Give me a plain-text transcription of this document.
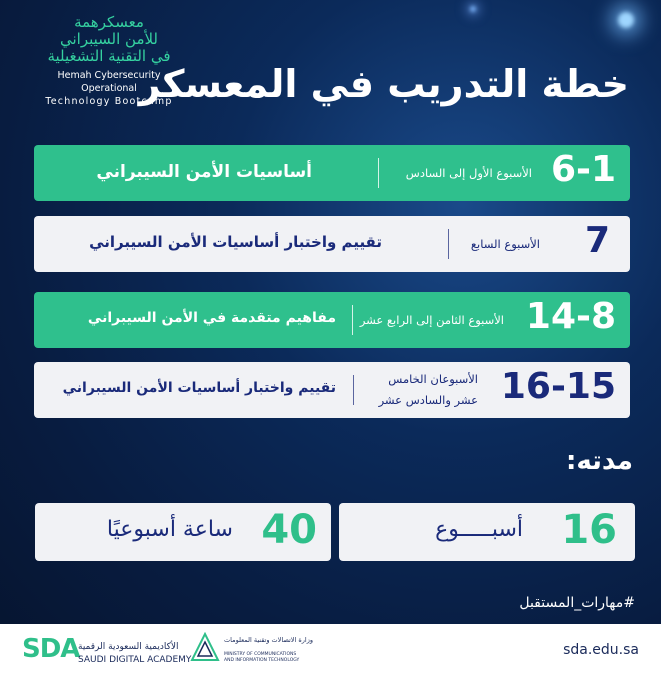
معسكرهمة
للأمن السيبراني
في التقنية التشغيلية
Hemah Cybersecurity Operational
Technology Bootcamp
خطة التدريب في المعسكر
6-1
الأسبوع الأول إلى السادس
أساسيات الأمن السيبراني
7
الأسبوع السابع
تقييم واختبار أساسيات الأمن السيبراني
14-8
الأسبوع الثامن إلى الرابع عشر
مفاهيم متقدمة في الأمن السيبراني
16-15
الأسبوعان الخامس
عشر والسادس عشر
تقييم واختبار أساسيات الأمن السيبراني
مدته:
16
أسبـــــوع
40
ساعة أسبوعيًا
#مهارات_المستقبل
SDA
الأكاديمية السعودية الرقمية
SAUDI DIGITAL ACADEMY
وزارة الاتصالات وتقنية المعلومات
MINISTRY OF COMMUNICATIONS
AND INFORMATION TECHNOLOGY
sda.edu.sa
